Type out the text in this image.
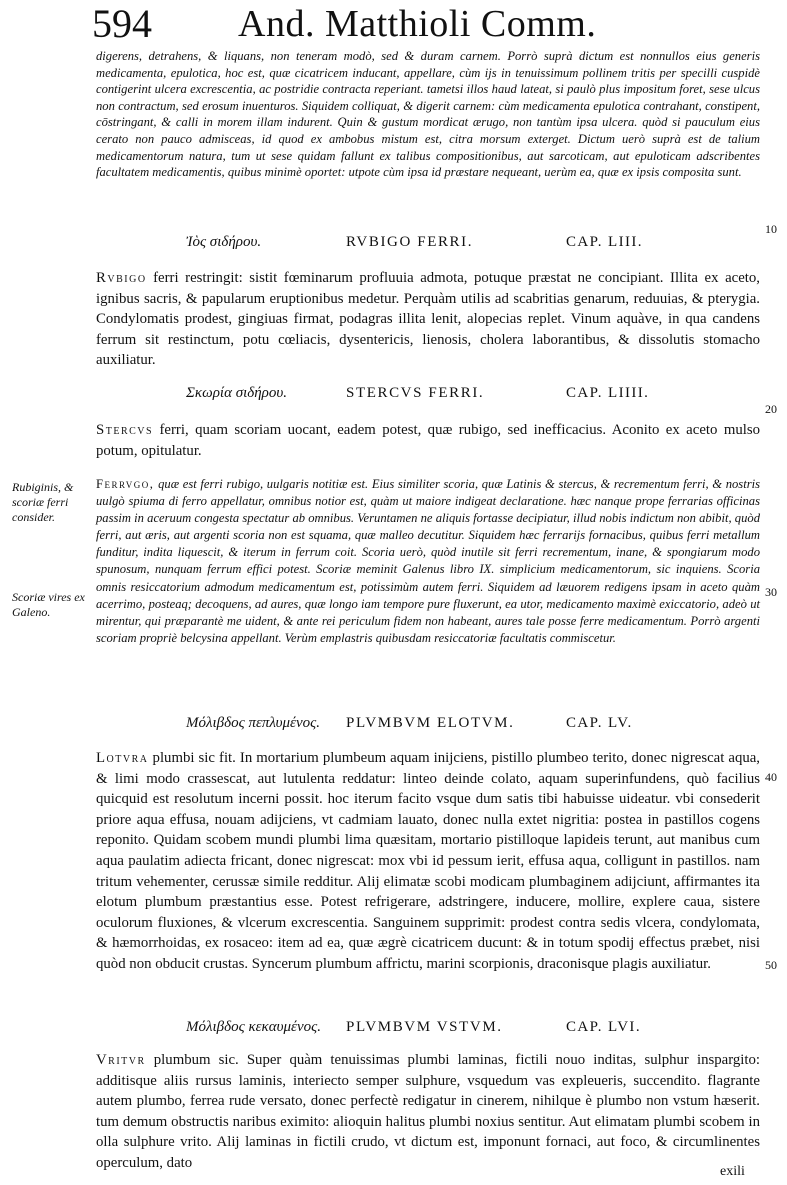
594 And. Matthioli Comm.

digerens, detrahens, & liquans, non teneram modò, sed & duram carnem. Porrò suprà dictum est nonnullos eius generis medicamenta, epulotica, hoc est, quæ cicatricem inducant, appellare, cùm ijs in tenuissimum pollinem tritis per specilli cuspidè contigerint ulcera excrescentia, ac postridie contracta reperiant. tametsi illos haud lateat, si paulò plus impositum foret, sese ulcus non contractum, sed erosum inuenturos. Siquidem colliquat, & digerit carnem: cùm medicamenta epulotica contrahant, constipent, cōstringant, & calli in morem illam indurent. Quin & gustum mordicat ærugo, non tantùm ipsa ulcera. quòd si pauculum eius cerato non pauco admisceas, id quod ex ambobus mistum est, citra morsum exterget. Dictum uerò suprà est de talium medicamentorum natura, tum ut sese quidam fallunt ex talibus compositionibus, aut sarcoticam, aut epuloticam adscribentes facultatem medicamentis, quibus minimè oportet: utpote cùm ipsa id præstare nequeant, uerùm ea, quæ ex ipsis composita sunt.

Ἰὸς σιδήρου.	RVBIGO FERRI.	CAP. LIII.

Rvbigo ferri restringit: sistit fœminarum profluuia admota, potuque præstat ne concipiant. Illita ex aceto, ignibus sacris, & papularum eruptionibus medetur. Perquàm utilis ad scabritias genarum, reduuias, & pterygia. Condylomatis prodest, gingiuas firmat, podagras illita lenit, alopecias replet. Vinum aquàve, in qua candens ferrum sit restinctum, potu cœliacis, dysentericis, lienosis, cholera laborantibus, & dissolutis stomacho auxiliatur.

Σκωρία σιδήρου.	STERCVS FERRI.	CAP. LIIII.

Stercvs ferri, quam scoriam uocant, eadem potest, quæ rubigo, sed inefficacius. Aconito ex aceto mulso potum, opitulatur.

Ferrvgo, quæ est ferri rubigo, uulgaris notitiæ est. Eius similiter scoria, quæ Latinis & stercus, & recrementum ferri, & nostris uulgò spiuma di ferro appellatur, omnibus notior est, quàm ut maiore indigeat declaratione. hæc nanque prope ferrarias officinas passim in aceruum congesta spectatur ab omnibus. Veruntamen ne aliquis fortasse decipiatur, illud nobis indictum non abibit, quòd ferri, aut æris, aut argenti scoria non est squama, quæ malleo decutitur. Siquidem hæc ferrarijs fornacibus, quibus ferri metallum funditur, indita liquescit, & iterum in ferrum coit. Scoria uerò, quòd inutile sit ferri recrementum, inane, & spongiarum modo spunosum, nunquam ferrum effici potest. Scoriæ meminit Galenus libro IX. simplicium medicamentorum, sic inquiens. Scoria omnis resiccatorium admodum medicamentum est, potissimùm autem ferri. Siquidem ad læuorem redigens ipsam in aceto quàm acerrimo, posteaq; decoquens, ad aures, quæ longo iam tempore pure fluxerunt, ea utor, medicamento maximè exiccatorio, adeò ut mirentur, qui præparantè me uident, & ante rei periculum fidem non habeant, aures tale posse ferre medicamentum. Porrò argenti scoriam propriè belcysina appellant. Verùm emplastris quibusdam resiccatoriæ facultatis commiscetur.

Rubiginis, & scoriæ ferri consider.
Scoriæ vires ex Galeno.
Μόλιβδος πεπλυμένος. PLVMBVM ELOTVM.	CAP. LV.

Lotvra plumbi sic fit. In mortarium plumbeum aquam inijciens, pistillo plumbeo terito, donec nigrescat aqua, & limi modo crassescat, aut lutulenta reddatur: linteo deinde colato, aquam superinfundens, quò facilius quicquid est resolutum incerni possit. hoc iterum facito vsque dum satis tibi habuisse uideatur. vbi consederit priore aqua effusa, nouam adijciens, vt cadmiam lauato, donec nulla extet nigritia: postea in pastillos cogens reponito. Quidam scobem mundi plumbi lima quæsitam, mortario pistilloque lapideis terunt, aut manibus cum aqua paulatim adiecta fricant, donec nigrescat: mox vbi id pessum ierit, effusa aqua, colligunt in pastillos. nam tritum vehementer, cerussæ simile redditur. Alij elimatæ scobi modicam plumbaginem adijciunt, affirmantes ita elotum plumbum præstantius esse. Potest refrigerare, adstringere, inducere, mollire, explere caua, sistere oculorum fluxiones, & vlcerum excrescentia. Sanguinem supprimit: prodest contra sedis vlcera, condylomata, & hæmorrhoidas, ex rosaceo: item ad ea, quæ ægrè cicatricem ducunt: & in totum spodij effectus præbet, nisi quòd non obducit crustas. Syncerum plumbum affrictu, marini scorpionis, draconisque plagis auxiliatur.

Μόλιβδος κεκαυμένος. PLVMBVM VSTVM.	CAP. LVI.

Vritvr plumbum sic. Super quàm tenuissimas plumbi laminas, fictili nouo inditas, sulphur inspargito: additisque aliis rursus laminis, interiecto semper sulphure, vsquedum vas expleueris, succendito. flagrante autem plumbo, ferrea rude versato, donec perfectè redigatur in cinerem, nihilque è plumbo non vstum hæserit. tum demum obstructis naribus eximito: alioquin halitus plumbi noxius sentitur. Aut elimatam plumbi scobem in olla sulphure vrito. Alij laminas in fictili crudo, vt dictum est, imponunt fornaci, aut foco, & circumlinentes operculum, dato

exili
10
20
30
40
50
